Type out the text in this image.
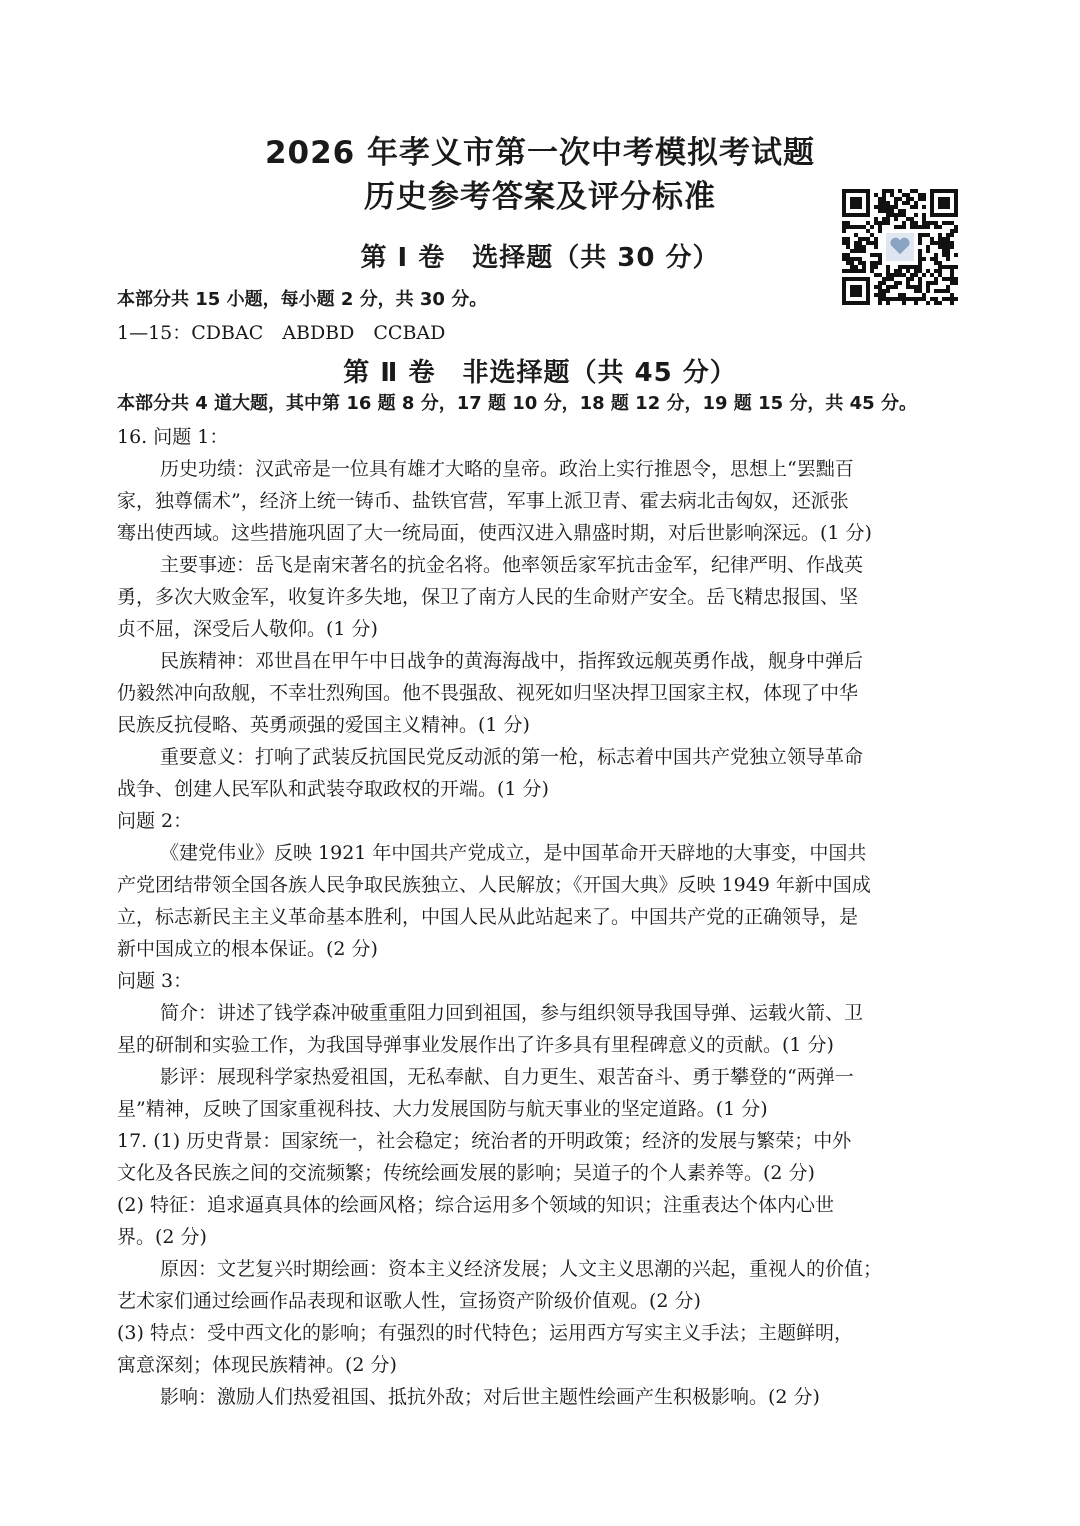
2026 年孝义市第一次中考模拟考试题
历史参考答案及评分标准
第 Ⅰ 卷　选择题（共 30 分）
本部分共 15 小题，每小题 2 分，共 30 分。
1—15：CDBAC　ABDBD　CCBAD
第 Ⅱ 卷　非选择题（共 45 分）
本部分共 4 道大题，其中第 16 题 8 分，17 题 10 分，18 题 12 分，19 题 15 分，共 45 分。
16. 问题 1：
历史功绩：汉武帝是一位具有雄才大略的皇帝。政治上实行推恩令，思想上“罢黜百
家，独尊儒术”，经济上统一铸币、盐铁官营，军事上派卫青、霍去病北击匈奴，还派张
骞出使西域。这些措施巩固了大一统局面，使西汉进入鼎盛时期，对后世影响深远。(1 分)
主要事迹：岳飞是南宋著名的抗金名将。他率领岳家军抗击金军，纪律严明、作战英
勇，多次大败金军，收复许多失地，保卫了南方人民的生命财产安全。岳飞精忠报国、坚
贞不屈，深受后人敬仰。(1 分)
民族精神：邓世昌在甲午中日战争的黄海海战中，指挥致远舰英勇作战，舰身中弹后
仍毅然冲向敌舰，不幸壮烈殉国。他不畏强敌、视死如归坚决捍卫国家主权，体现了中华
民族反抗侵略、英勇顽强的爱国主义精神。(1 分)
重要意义：打响了武装反抗国民党反动派的第一枪，标志着中国共产党独立领导革命
战争、创建人民军队和武装夺取政权的开端。(1 分)
问题 2：
《建党伟业》反映 1921 年中国共产党成立，是中国革命开天辟地的大事变，中国共
产党团结带领全国各族人民争取民族独立、人民解放；《开国大典》反映 1949 年新中国成
立，标志新民主主义革命基本胜利，中国人民从此站起来了。中国共产党的正确领导，是
新中国成立的根本保证。(2 分)
问题 3：
简介：讲述了钱学森冲破重重阻力回到祖国，参与组织领导我国导弹、运载火箭、卫
星的研制和实验工作，为我国导弹事业发展作出了许多具有里程碑意义的贡献。(1 分)
影评：展现科学家热爱祖国，无私奉献、自力更生、艰苦奋斗、勇于攀登的“两弹一
星”精神，反映了国家重视科技、大力发展国防与航天事业的坚定道路。(1 分)
17. (1) 历史背景：国家统一，社会稳定；统治者的开明政策；经济的发展与繁荣；中外
文化及各民族之间的交流频繁；传统绘画发展的影响；吴道子的个人素养等。(2 分)
(2) 特征：追求逼真具体的绘画风格；综合运用多个领域的知识；注重表达个体内心世
界。(2 分)
原因：文艺复兴时期绘画：资本主义经济发展；人文主义思潮的兴起，重视人的价值；
艺术家们通过绘画作品表现和讴歌人性，宣扬资产阶级价值观。(2 分)
(3) 特点：受中西文化的影响；有强烈的时代特色；运用西方写实主义手法；主题鲜明，
寓意深刻；体现民族精神。(2 分)
影响：激励人们热爱祖国、抵抗外敌；对后世主题性绘画产生积极影响。(2 分)
